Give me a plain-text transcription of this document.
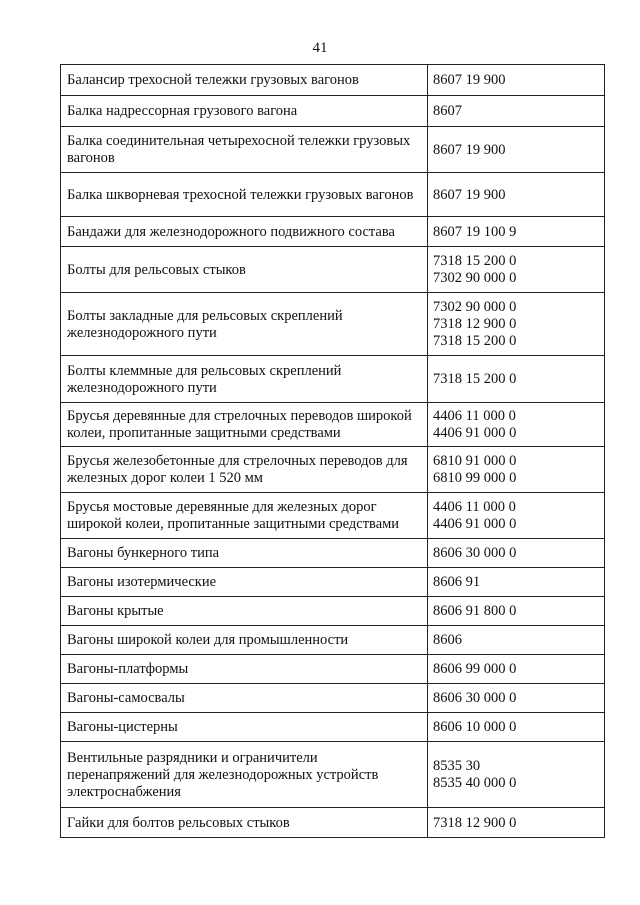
41
Балансир трехосной тележки грузовых вагонов	8607 19 900

Балка надрессорная грузового вагона	8607

Балка соединительная четырехосной тележки грузовых вагонов	8607 19 900

Балка шкворневая трехосной тележки грузовых вагонов	8607 19 900

Бандажи для железнодорожного подвижного состава	8607 19 100 9

Болты для рельсовых стыков	7318 15 200 0
7302 90 000 0

Болты закладные для рельсовых скреплений железнодорожного пути	7302 90 000 0
7318 12 900 0
7318 15 200 0

Болты клеммные для рельсовых скреплений железнодорожного пути	7318 15 200 0

Брусья деревянные для стрелочных переводов широкой колеи, пропитанные защитными средствами	4406 11 000 0
4406 91 000 0

Брусья железобетонные для стрелочных переводов для железных дорог колеи 1 520 мм	6810 91 000 0
6810 99 000 0

Брусья мостовые деревянные для железных дорог широкой колеи, пропитанные защитными средствами	4406 11 000 0
4406 91 000 0

Вагоны бункерного типа	8606 30 000 0

Вагоны изотермические	8606 91

Вагоны крытые	8606 91 800 0

Вагоны широкой колеи для промышленности	8606

Вагоны-платформы	8606 99 000 0

Вагоны-самосвалы	8606 30 000 0

Вагоны-цистерны	8606 10 000 0

Вентильные разрядники и ограничители перенапряжений для железнодорожных устройств электроснабжения	8535 30
8535 40 000 0

Гайки для болтов рельсовых стыков	7318 12 900 0
